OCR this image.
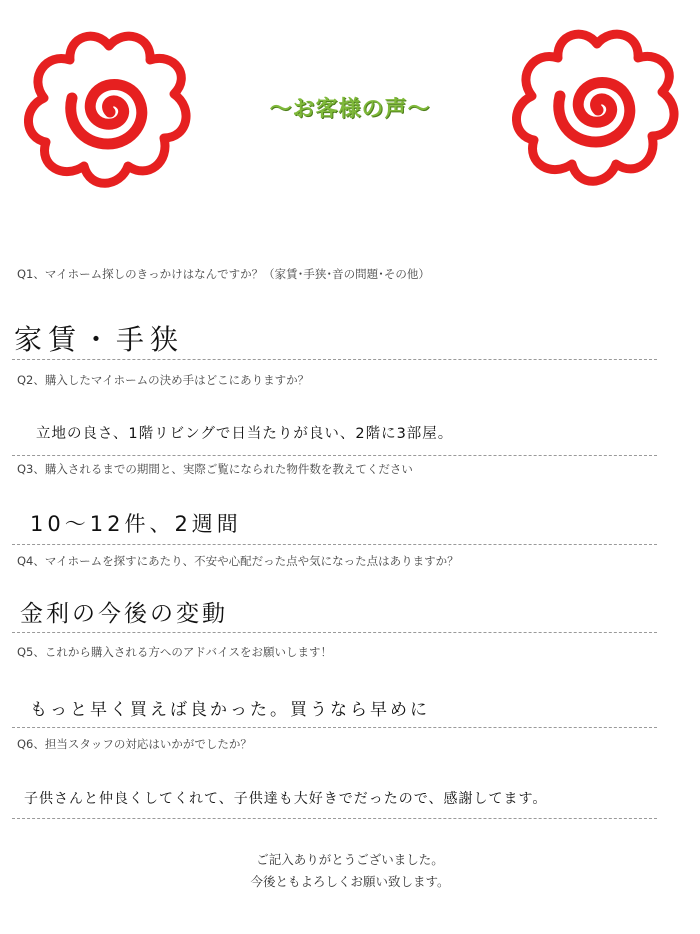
〜お客様の声〜
Q1、マイホーム探しのきっかけはなんですか？（家賃･手狭･音の問題･その他）
家賃・手狭
Q2、購入したマイホームの決め手はどこにありますか？
立地の良さ、1階リビングで日当たりが良い、2階に3部屋。
Q3、購入されるまでの期間と、実際ご覧になられた物件数を教えてください
10～12件、2週間
Q4、マイホームを探すにあたり、不安や心配だった点や気になった点はありますか？
金利の今後の変動
Q5、これから購入される方へのアドバイスをお願いします！
もっと早く買えば良かった。買うなら早めに
Q6、担当スタッフの対応はいかがでしたか？
子供さんと仲良くしてくれて、子供達も大好きでだったので、感謝してます。
ご記入ありがとうございました。
今後ともよろしくお願い致します。
